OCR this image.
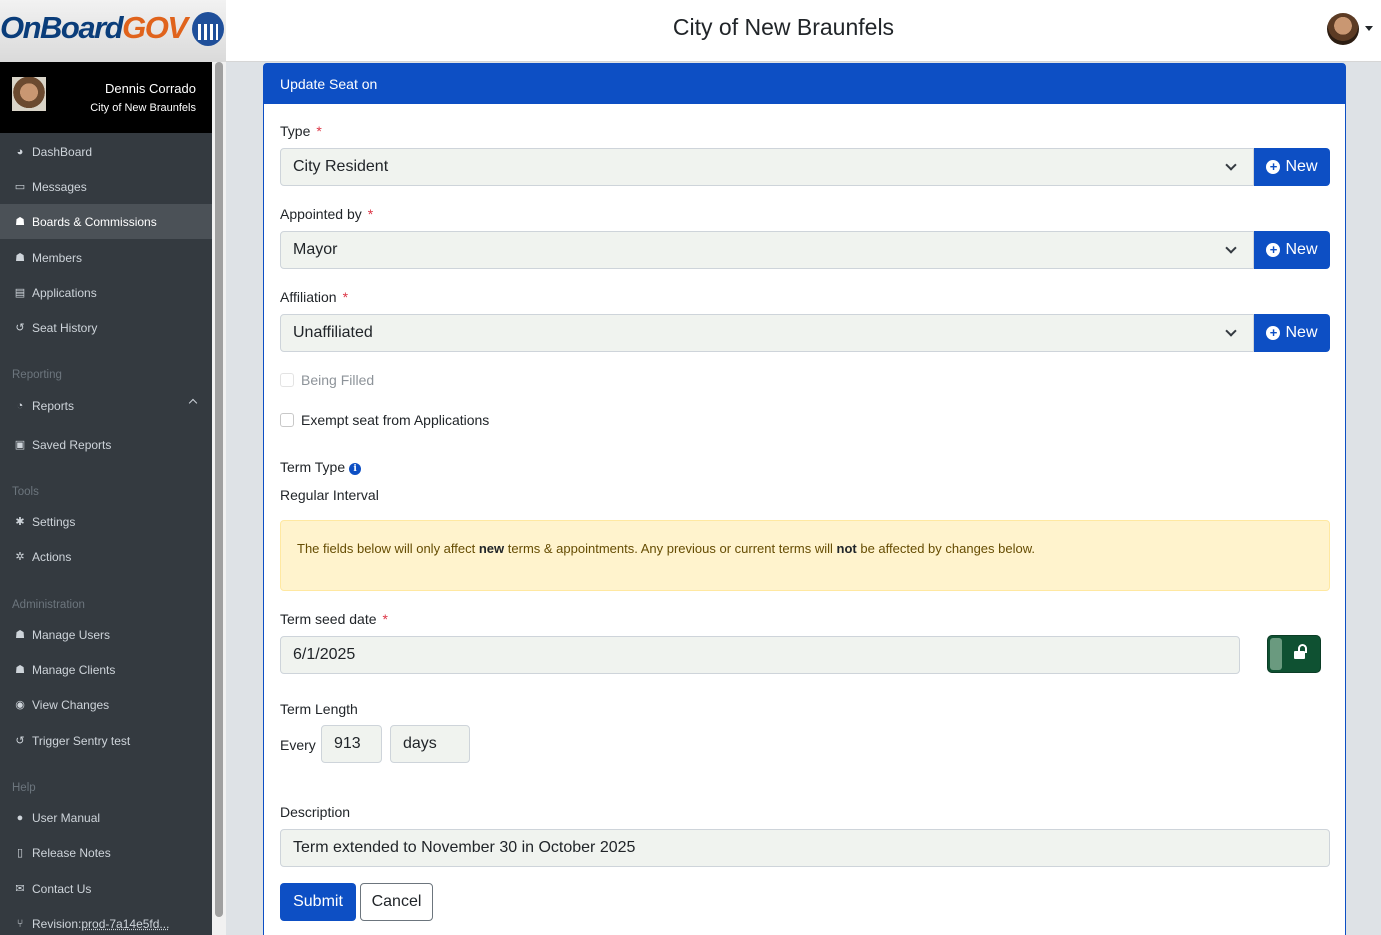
OnBoardGOV	City of New Braunfels
Dennis Corrado
City of New Braunfels
◕ DashBoard
▭ Messages
☗ Boards & Commissions
☗ Members
▤ Applications
↺ Seat History
Reporting
◔ Reports
▣ Saved Reports
Tools
✱ Settings
✲ Actions
Administration
☗ Manage Users
☗ Manage Clients
◉ View Changes
↺ Trigger Sentry test
Help
● User Manual
▯ Release Notes
✉ Contact Us
⑂ Revision: prod-7a14e5fd...
Update Seat on
Type *
City Resident	+ New
Appointed by *
Mayor	+ New
Affiliation *
Unaffiliated	+ New
Being Filled
Exempt seat from Applications
Term Type i
Regular Interval
The fields below will only affect new terms & appointments. Any previous or current terms will not be affected by changes below.
Term seed date *
6/1/2025
Term Length
Every	913	days
Description
Term extended to November 30 in October 2025
Submit	Cancel
